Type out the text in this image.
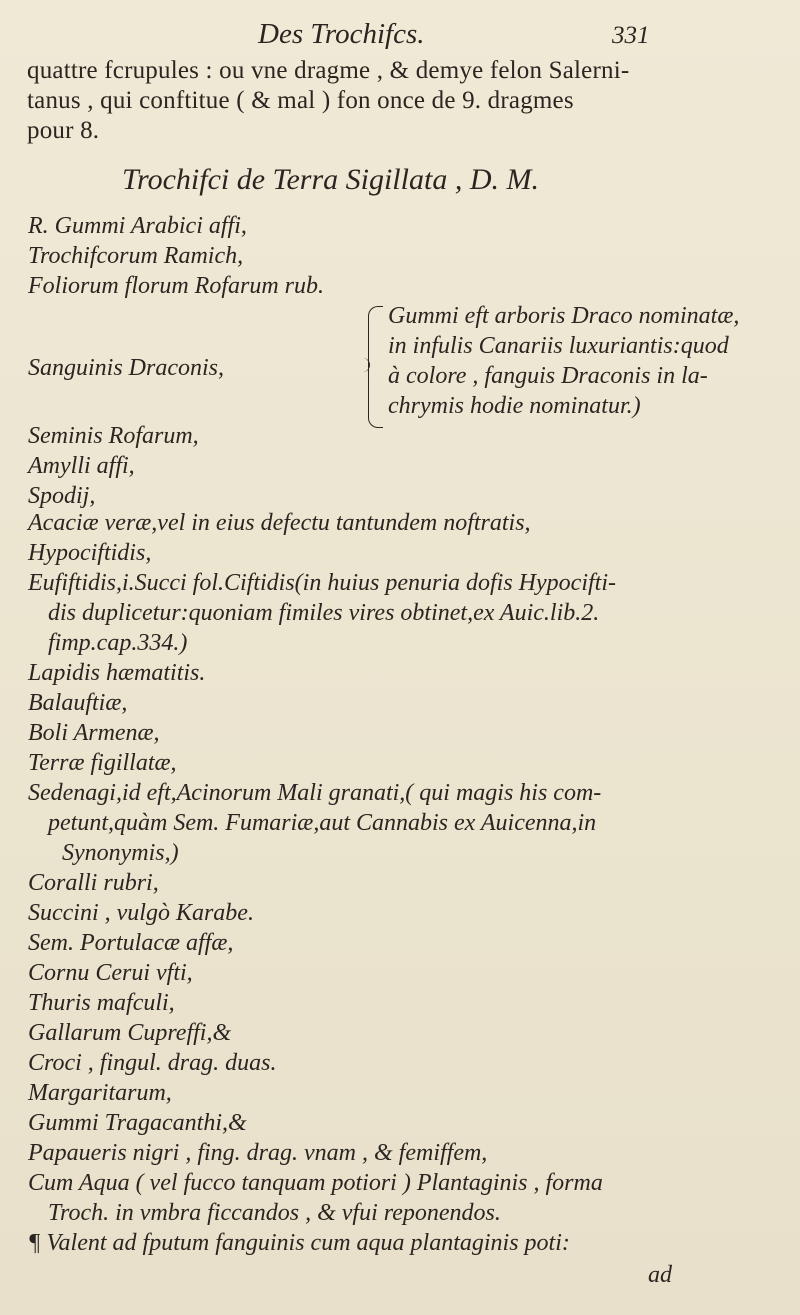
Des Trochifcs.	331
quattre fcrupules : ou vne dragme , & demye felon Salerni-
tanus , qui conftitue ( & mal ) fon once de 9. dragmes
pour 8.
Trochifci de Terra Sigillata , D. M.
R. Gummi Arabici affi,
Trochifcorum Ramich,
Foliorum florum Rofarum rub.
Sanguinis Draconis,
Gummi eft arboris Draco nominatæ,
in infulis Canariis luxuriantis:quod
à colore , fanguis Draconis in la-
chrymis hodie nominatur.)
Seminis Rofarum,
Amylli affi,
Spodij,
Acaciæ veræ,vel in eius defectu tantundem noftratis,
Hypociftidis,
Eufiftidis,i.Succi fol.Ciftidis(in huius penuria dofis Hypocifti-
dis duplicetur:quoniam fimiles vires obtinet,ex Auic.lib.2.
fimp.cap.334.)
Lapidis hæmatitis.
Balauftiæ,
Boli Armenæ,
Terræ figillatæ,
Sedenagi,id eft,Acinorum Mali granati,( qui magis his com-
petunt,quàm Sem. Fumariæ,aut Cannabis ex Auicenna,in
Synonymis,)
Coralli rubri,
Succini , vulgò Karabe.
Sem. Portulacæ affæ,
Cornu Cerui vfti,
Thuris mafculi,
Gallarum Cupreffi,&
Croci , fingul. drag. duas.
Margaritarum,
Gummi Tragacanthi,&
Papaueris nigri , fing. drag. vnam , & femiffem,
Cum Aqua ( vel fucco tanquam potiori ) Plantaginis , forma
Troch. in vmbra ficcandos , & vfui reponendos.
¶ Valent ad fputum fanguinis cum aqua plantaginis poti:
ad
